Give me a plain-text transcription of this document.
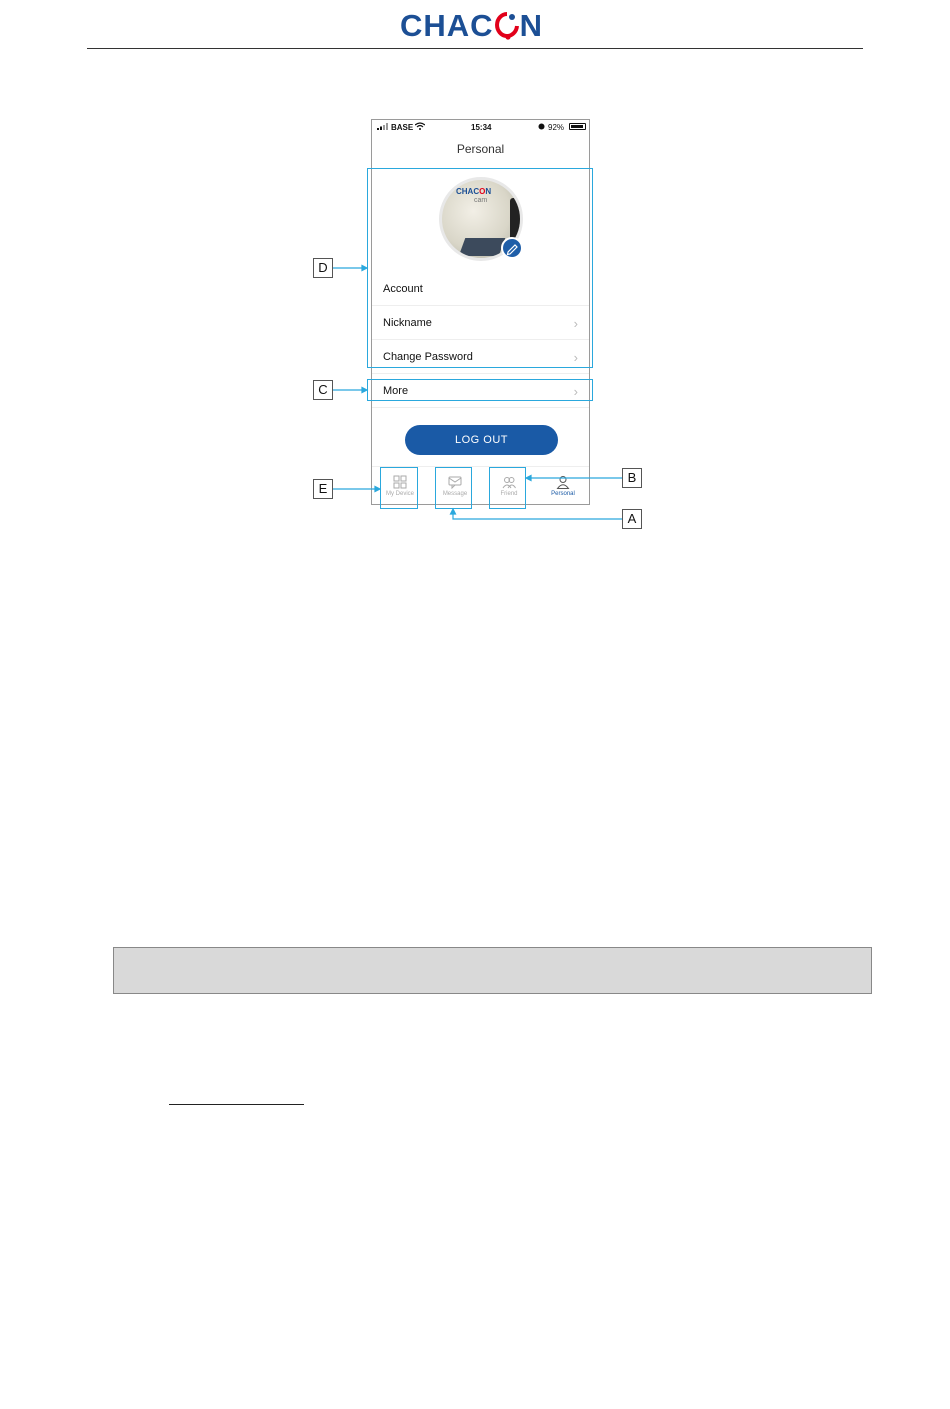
CHAC N
BASE	15:34	92%
Personal
CHACON
cam
Account
Nickname	›
Change Password	›
More	›
LOG OUT
My Device	Message	Friend	Personal
D
C
E
B
A
